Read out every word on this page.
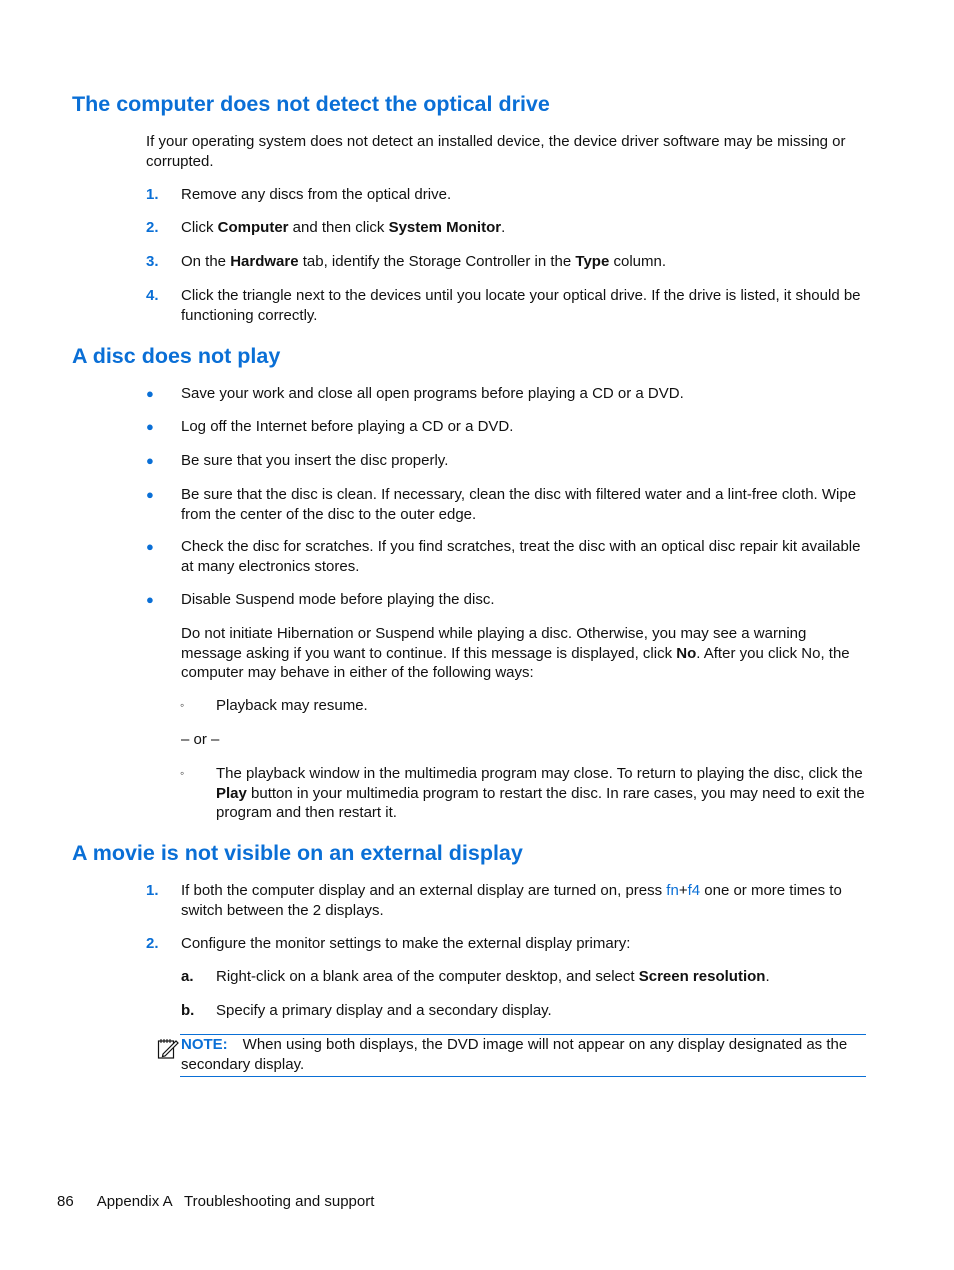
The computer does not detect the optical drive

If your operating system does not detect an installed device, the device driver software may be missing or corrupted.

1. Remove any discs from the optical drive.

2. Click Computer and then click System Monitor.

3. On the Hardware tab, identify the Storage Controller in the Type column.

4. Click the triangle next to the devices until you locate your optical drive. If the drive is listed, it should be functioning correctly.

A disc does not play
● Save your work and close all open programs before playing a CD or a DVD.

● Log off the Internet before playing a CD or a DVD.

● Be sure that you insert the disc properly.

● Be sure that the disc is clean. If necessary, clean the disc with filtered water and a lint-free cloth. Wipe from the center of the disc to the outer edge.

● Check the disc for scratches. If you find scratches, treat the disc with an optical disc repair kit available at many electronics stores.

● Disable Suspend mode before playing the disc.

Do not initiate Hibernation or Suspend while playing a disc. Otherwise, you may see a warning message asking if you want to continue. If this message is displayed, click No. After you click No, the computer may behave in either of the following ways:

◦ Playback may resume.

– or –

◦ The playback window in the multimedia program may close. To return to playing the disc, click the Play button in your multimedia program to restart the disc. In rare cases, you may need to exit the program and then restart it.

A movie is not visible on an external display
1. If both the computer display and an external display are turned on, press fn+f4 one or more times to switch between the 2 displays.

2. Configure the monitor settings to make the external display primary:

a. Right-click on a blank area of the computer desktop, and select Screen resolution.

b. Specify a primary display and a secondary display.

NOTE: When using both displays, the DVD image will not appear on any display designated as the secondary display.

86 Appendix A   Troubleshooting and support
